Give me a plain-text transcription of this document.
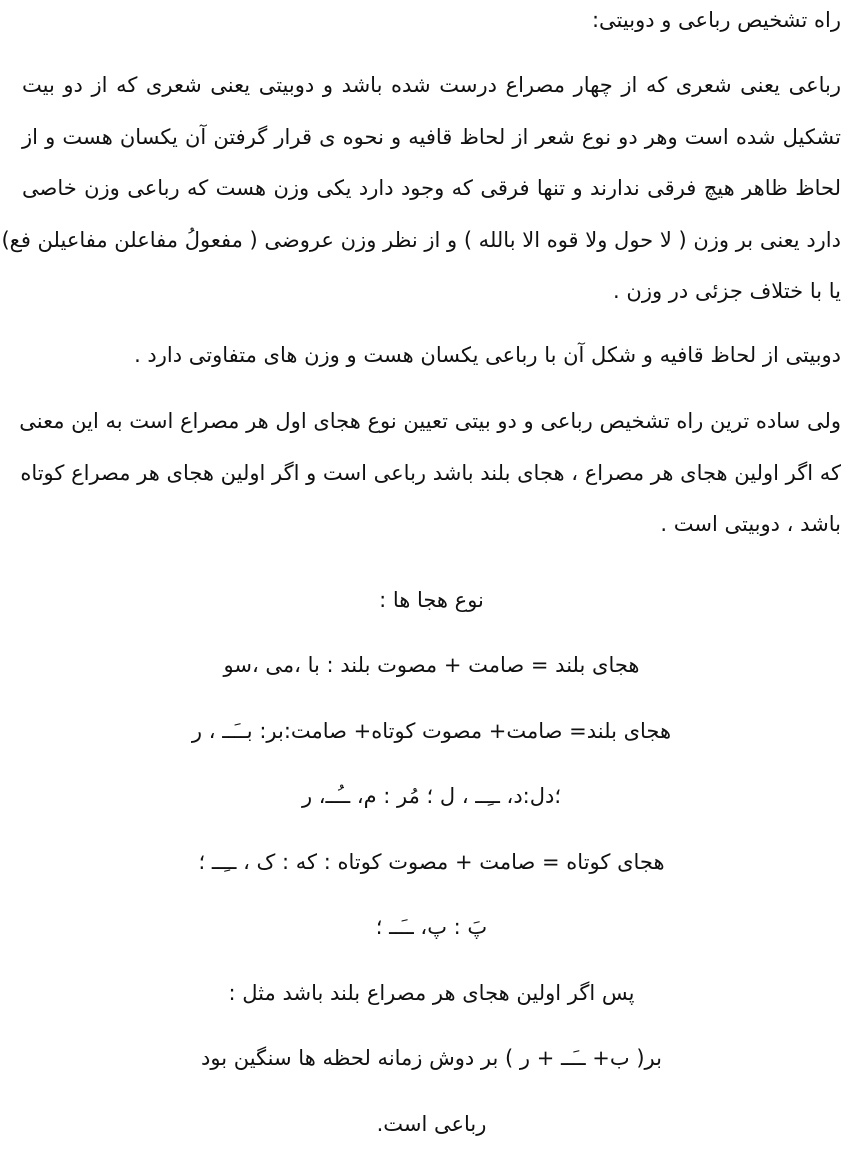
راه تشخیص رباعی و دوبیتی:
رباعی یعنی شعری که از چهار مصراع درست شده باشد و دوبیتی یعنی شعری که از دو بیت
تشکیل شده است وهر دو نوع شعر از لحاظ قافیه و نحوه ی قرار گرفتن آن یکسان هست و از
لحاظ ظاهر هیچ فرقی ندارند و تنها فرقی که وجود دارد یکی وزن هست که رباعی وزن خاصی
دارد یعنی بر وزن ( لا حول ولا قوه الا بالله ) و از نظر وزن عروضی ( مفعولُ مفاعلن مفاعیلن فع)
یا با ختلاف جزئی در وزن .
دوبیتی از لحاظ قافیه و شکل آن با رباعی یکسان هست و وزن های متفاوتی دارد .
ولی ساده ترین راه تشخیص رباعی و دو بیتی تعیین نوع هجای اول هر مصراع است به این معنی
که اگر اولین هجای هر مصراع ، هجای بلند باشد رباعی است و اگر اولین هجای هر مصراع کوتاه
باشد ، دوبیتی است .
نوع هجا ها :
هجای بلند = صامت + مصوت بلند : با ،می ،سو
هجای بلند= صامت+ مصوت کوتاه+ صامت:بر: بــَــ ، ر
؛دل:د، ــِــ ، ل ؛ مُر : م، ــُــ، ر
هجای کوتاه = صامت + مصوت کوتاه : که : ک ، ــِــ ؛
پَ : پ، ــَــ ؛
پس اگر اولین هجای هر مصراع بلند باشد مثل :
بر( ب+ ــَــ + ر ) بر دوش زمانه لحظه ها سنگین بود
رباعی است.
